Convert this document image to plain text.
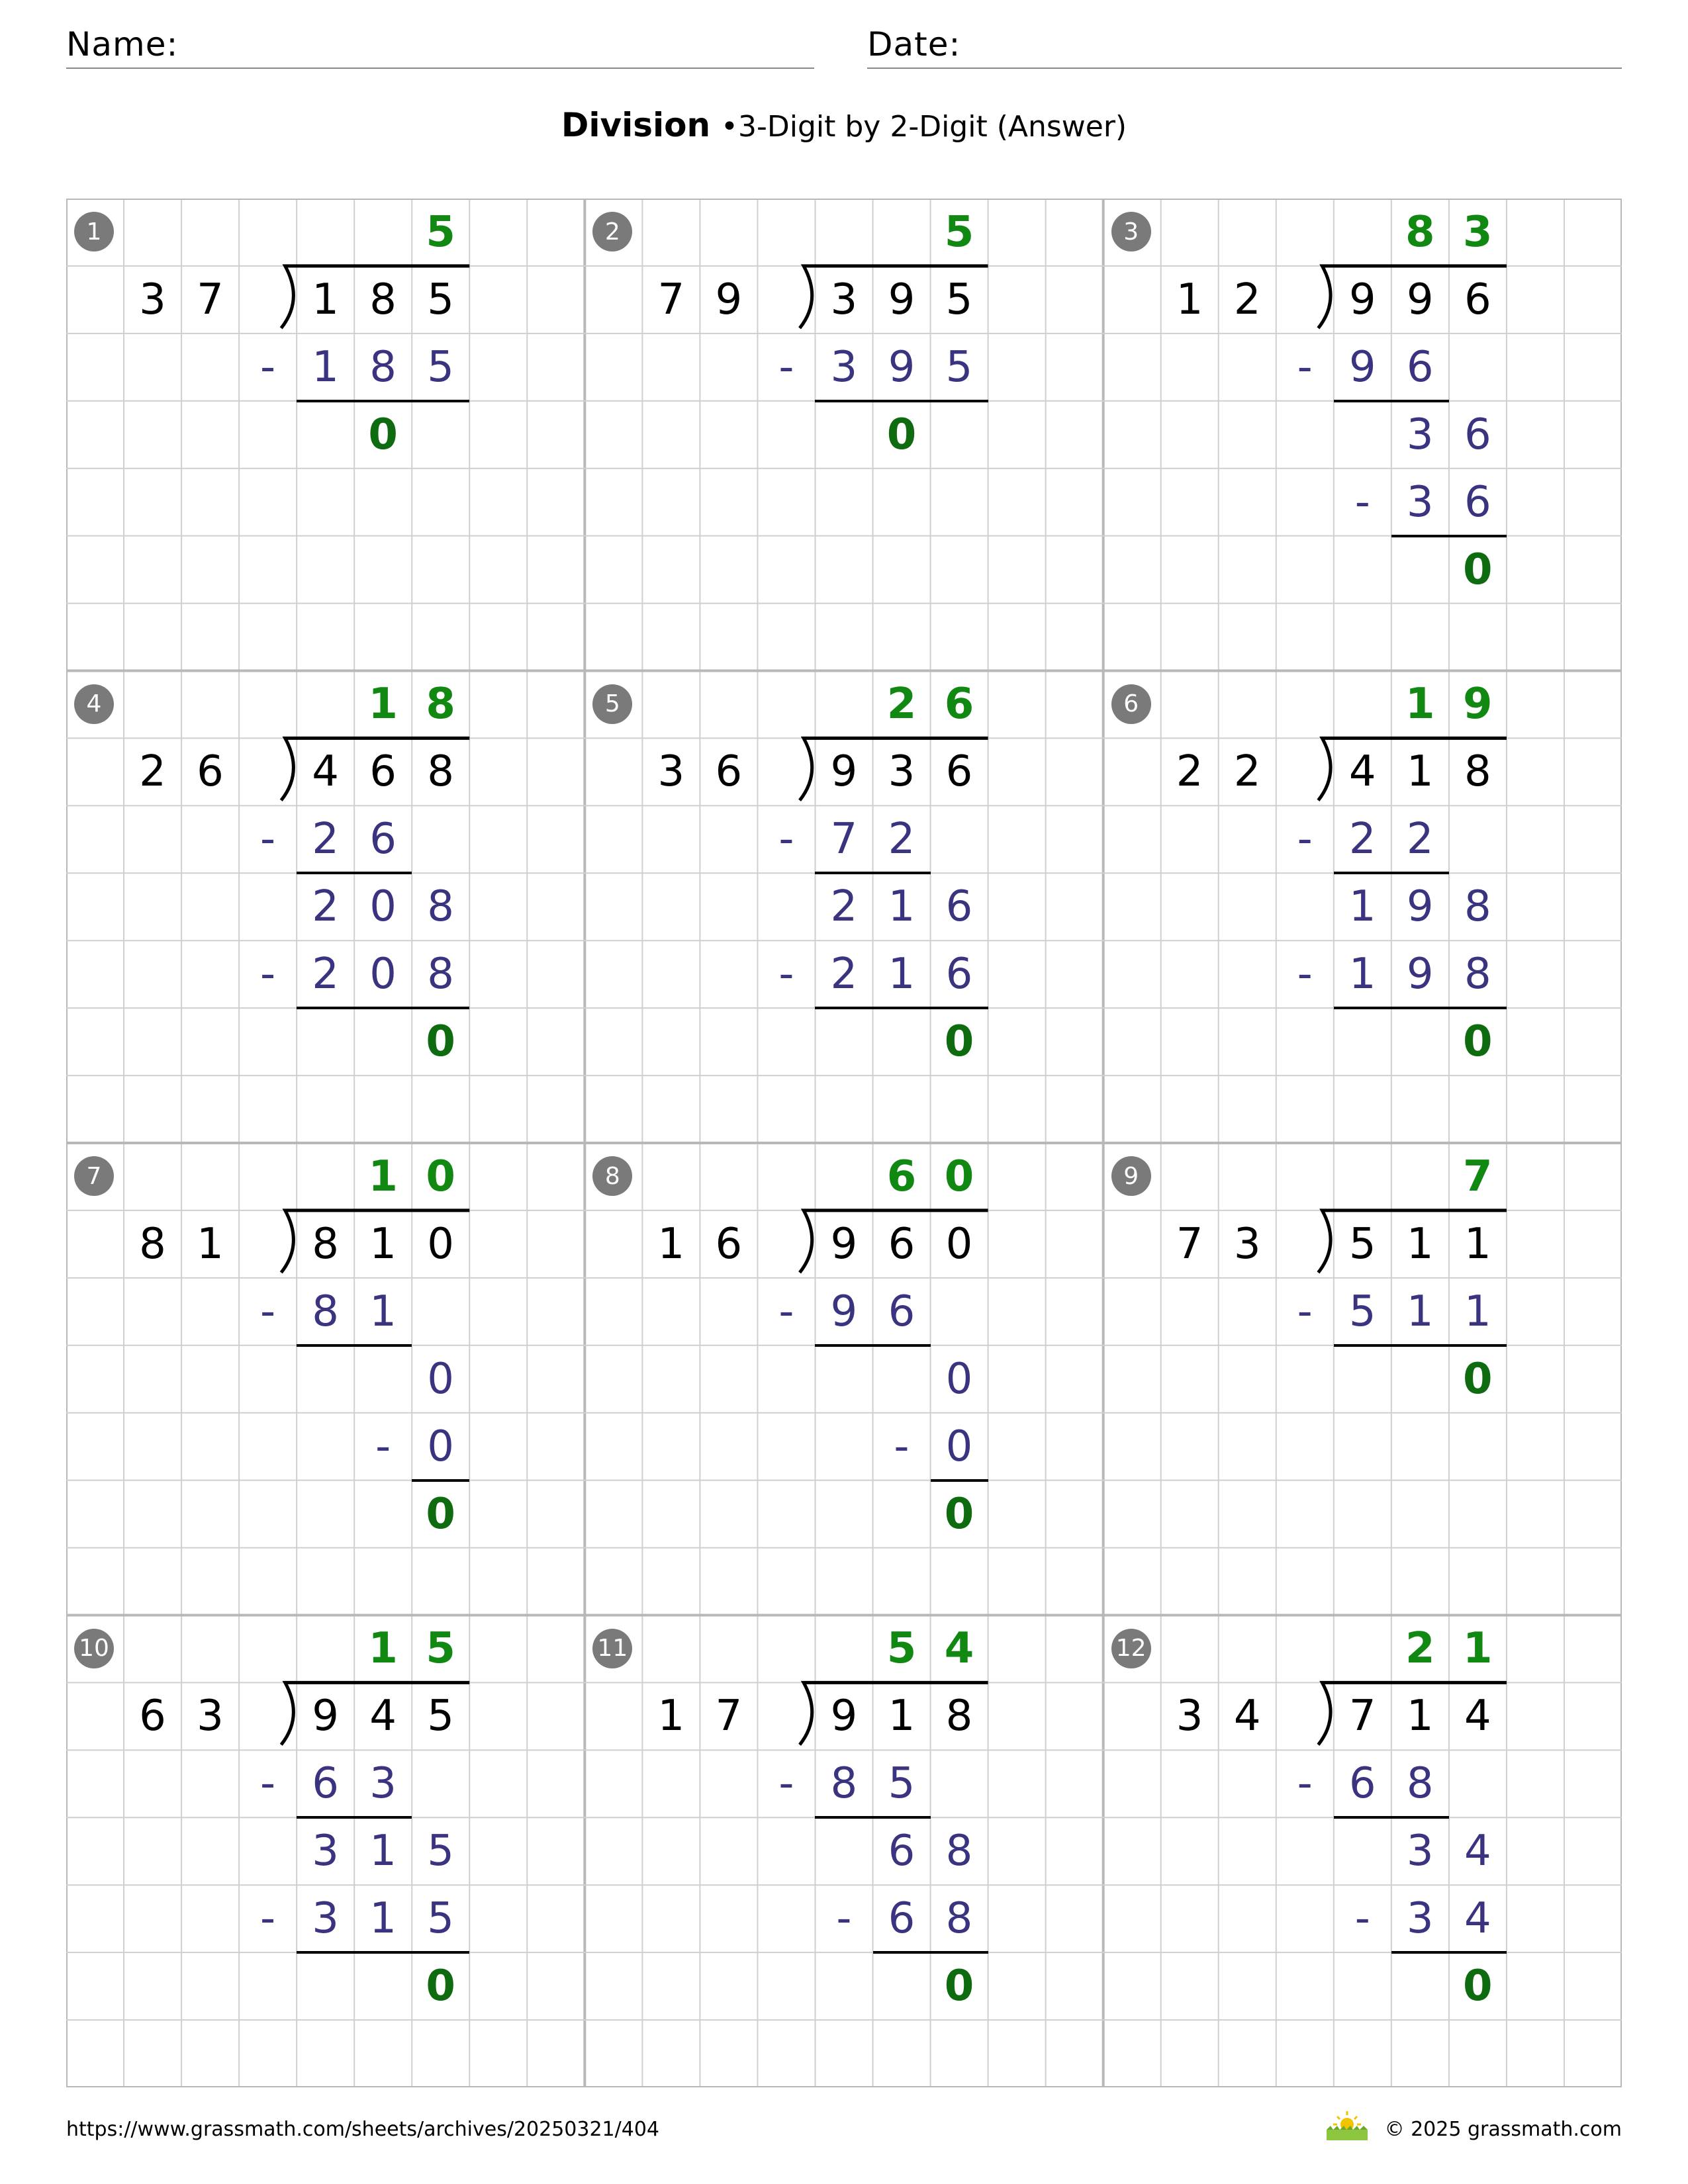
Name:	Date:
Division •3-Digit by 2-Digit (Answer)
1
3 7	1 8 5
5
- 1 8 5
0
2
7 9	3 9 5
5
- 3 9 5
0
3
1 2	9 9 6
8 3
- 9 6
3 6
- 3 6
0
4
2 6	4 6 8
1 8
- 2 6
2 0 8
- 2 0 8
0
5
3 6	9 3 6
2 6
- 7 2
2 1 6
- 2 1 6
0
6
2 2	4 1 8
1 9
- 2 2
1 9 8
- 1 9 8
0
7
8 1	8 1 0
1 0
- 8 1
0
- 0
0
8
1 6	9 6 0
6 0
- 9 6
0
- 0
0
9
7 3	5 1 1
7
- 5 1 1
0
10
6 3	9 4 5
1 5
- 6 3
3 1 5
- 3 1 5
0
11
1 7	9 1 8
5 4
- 8 5
6 8
- 6 8
0
12
3 4	7 1 4
2 1
- 6 8
3 4
- 3 4
0
https://www.grassmath.com/sheets/archives/20250321/404	© 2025 grassmath.com
